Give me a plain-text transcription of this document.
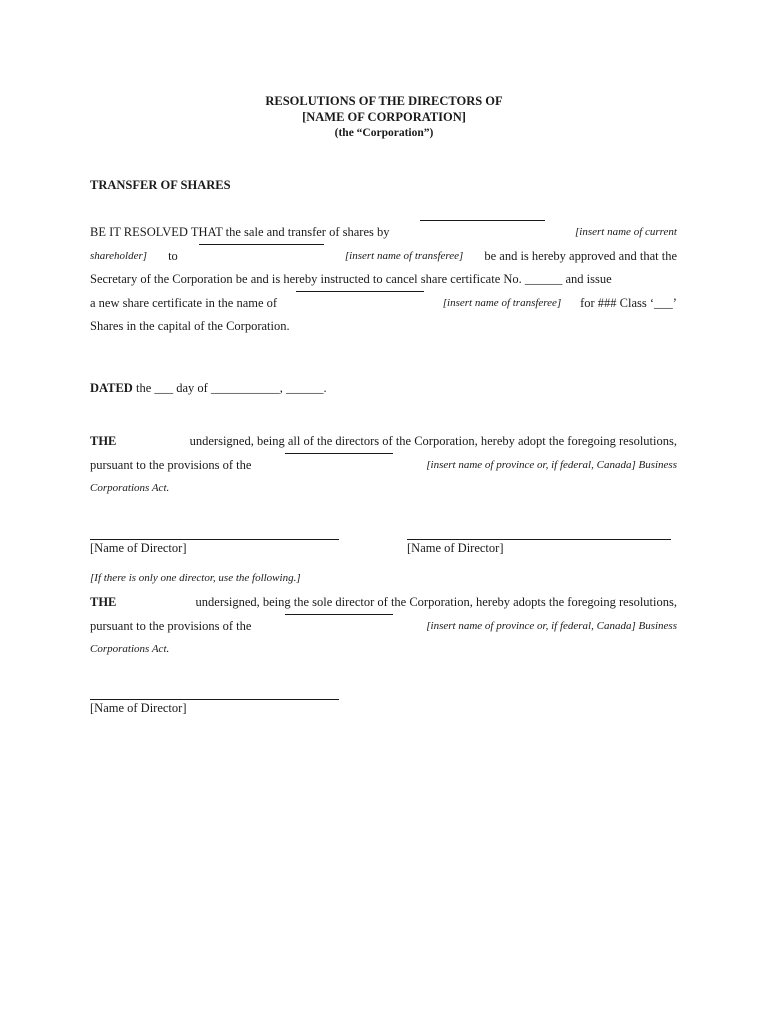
RESOLUTIONS OF THE DIRECTORS OF
[NAME OF CORPORATION]
(the “Corporation”)
TRANSFER OF SHARES
BE IT RESOLVED THAT the sale and transfer of shares by	[insert name of current
shareholder] to	[insert name of transferee] be and is hereby approved and that the
Secretary of the Corporation be and is hereby instructed to cancel share certificate No. ______ and issue
a new share certificate in the name of	[insert name of transferee] for ### Class ‘___’
Shares in the capital of the Corporation.
DATED the ___ day of ___________, ______.
THE	undersigned, being all of the directors of the Corporation, hereby adopt the foregoing resolutions,
pursuant to the provisions of the	[insert name of province or, if federal, Canada] Business
Corporations Act.
[Name of Director]	[Name of Director]
[If there is only one director, use the following.]
THE	undersigned, being the sole director of the Corporation, hereby adopts the foregoing resolutions,
pursuant to the provisions of the	[insert name of province or, if federal, Canada] Business
Corporations Act.
[Name of Director]
